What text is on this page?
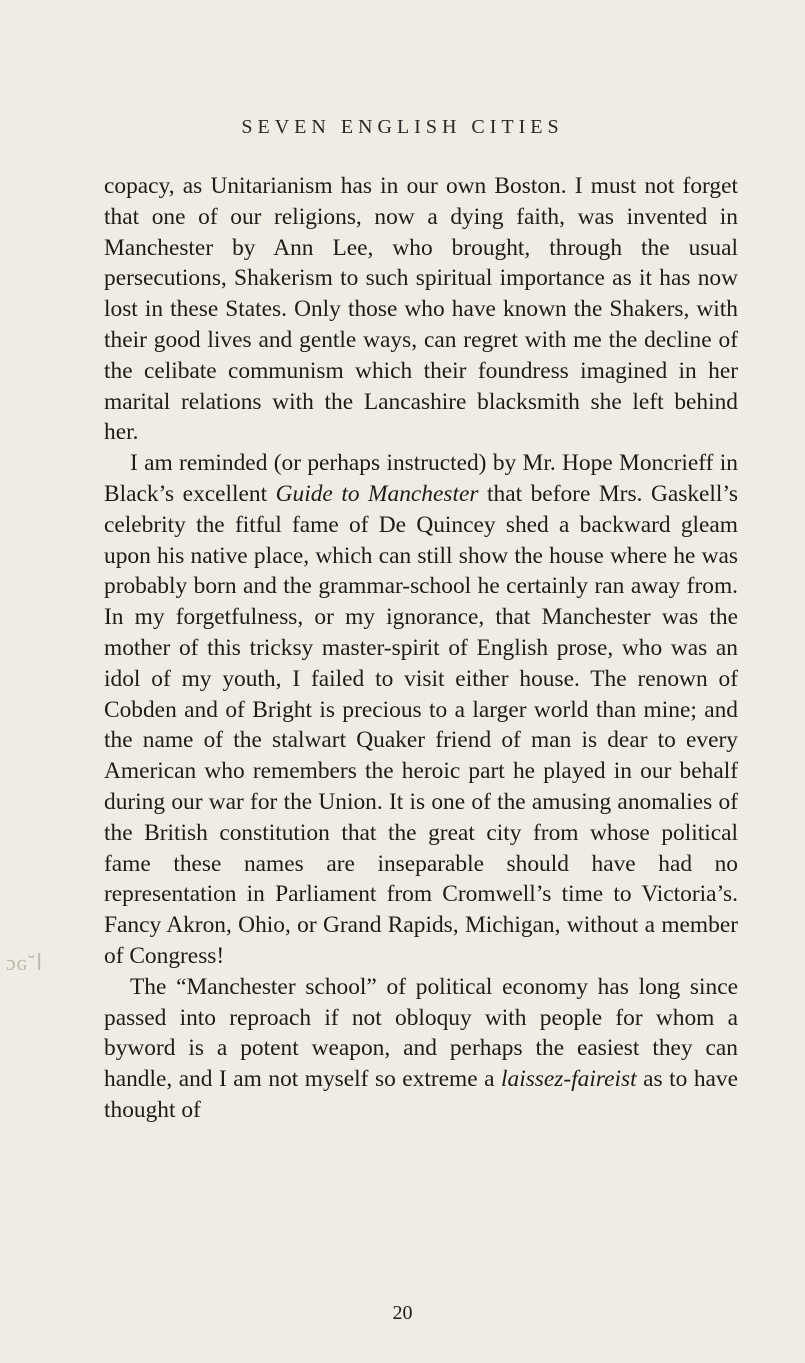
SEVEN ENGLISH CITIES
ɔɢ˘ا

copacy, as Unitarianism has in our own Boston. I must not forget that one of our religions, now a dying faith, was invented in Manchester by Ann Lee, who brought, through the usual persecutions, Shakerism to such spiritual importance as it has now lost in these States. Only those who have known the Shakers, with their good lives and gentle ways, can regret with me the decline of the celibate communism which their foundress imagined in her marital relations with the Lancashire blacksmith she left behind her.

I am reminded (or perhaps instructed) by Mr. Hope Moncrieff in Black’s excellent Guide to Manchester that before Mrs. Gaskell’s celebrity the fitful fame of De Quincey shed a backward gleam upon his native place, which can still show the house where he was probably born and the grammar-school he certainly ran away from. In my forgetfulness, or my ignorance, that Manchester was the mother of this tricksy master-spirit of English prose, who was an idol of my youth, I failed to visit either house. The renown of Cobden and of Bright is precious to a larger world than mine; and the name of the stalwart Quaker friend of man is dear to every American who remembers the heroic part he played in our behalf during our war for the Union. It is one of the amusing anomalies of the British constitution that the great city from whose political fame these names are inseparable should have had no representation in Parliament from Cromwell’s time to Victoria’s. Fancy Akron, Ohio, or Grand Rapids, Michigan, without a member of Congress!

The “Manchester school” of political economy has long since passed into reproach if not obloquy with people for whom a byword is a potent weapon, and perhaps the easiest they can handle, and I am not myself so extreme a laissez-faireist as to have thought of

20
